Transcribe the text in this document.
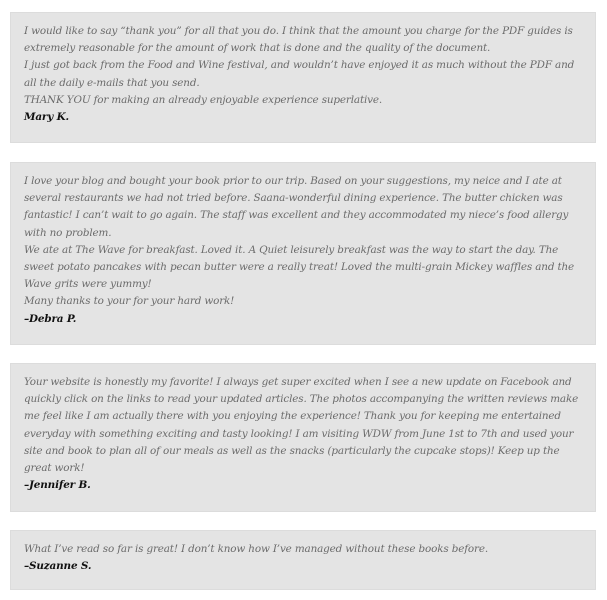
I would like to say “thank you” for all that you do. I think that the amount you charge for the PDF guides is extremely reasonable for the amount of work that is done and the quality of the document.

I just got back from the Food and Wine festival, and wouldn’t have enjoyed it as much without the PDF and all the daily e-mails that you send.

THANK YOU for making an already enjoyable experience superlative.

Mary K.

I love your blog and bought your book prior to our trip. Based on your suggestions, my neice and I ate at several restaurants we had not tried before. Saana-wonderful dining experience. The butter chicken was fantastic! I can’t wait to go again. The staff was excellent and they accommodated my niece’s food allergy with no problem.

We ate at The Wave for breakfast. Loved it. A Quiet leisurely breakfast was the way to start the day. The sweet potato pancakes with pecan butter were a really treat! Loved the multi-grain Mickey waffles and the Wave grits were yummy!

Many thanks to your for your hard work!

–Debra P.

Your website is honestly my favorite! I always get super excited when I see a new update on Facebook and quickly click on the links to read your updated articles. The photos accompanying the written reviews make me feel like I am actually there with you enjoying the experience! Thank you for keeping me entertained everyday with something exciting and tasty looking! I am visiting WDW from June 1st to 7th and used your site and book to plan all of our meals as well as the snacks (particularly the cupcake stops)! Keep up the great work!

–Jennifer B.

What I’ve read so far is great! I don’t know how I’ve managed without these books before.

–Suzanne S.
